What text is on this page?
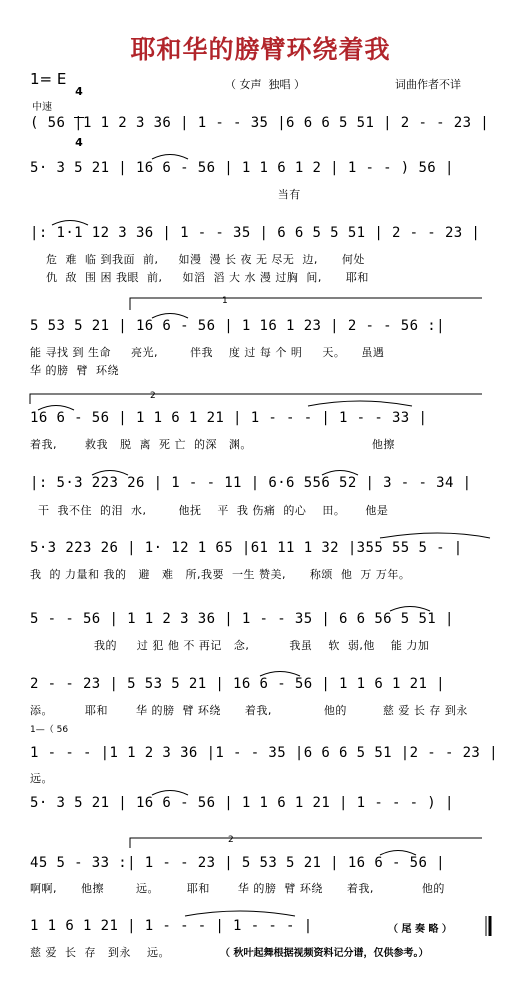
耶和华的膀臂环绕着我
1= E

4

4

（ 女声  独唱 ）	词曲作者不详
中速
( 56 |1 1 2 3 36 | 1 - - 35 |6 6 6 5 51 | 2 - - 23 |
5· 3 5 21 | 16 6 - 56 | 1 1 6 1 2 | 1 - - ) 56 |
当有
|: 1·1 12 3 36 | 1 - - 35 | 6 6 5 5 51 | 2 - - 23 |
危  难  临 到我面  前,     如漫  漫 长 夜 无 尽无  边,      何处
仇  敌  围 困 我眼  前,     如滔  滔 大 水 漫 过胸  间,      耶和
5 53 5 21 | 16 6 - 56 | 1 16 1 23 | 2 - - 56 :|
能 寻找 到 生命     亮光,        伴我    度 过 每 个 明     天。    虽遇
华 的膀  臂  环绕
16 6 - 56 | 1 1 6 1 21 | 1 - - - | 1 - - 33 |
着我,       救我   脱  离  死 亡  的深   渊。                              他擦
|: 5·3 223 26 | 1 - - 11 | 6·6 556 52 | 3 - - 34 |
干  我不住  的泪  水,        他抚    平  我 伤痛  的心    田。     他是
5·3 223 26 | 1· 12 1 65 |61 11 1 32 |355 55 5 - |
我  的 力量和 我的   避   难   所,我要  一生 赞美,      称颂  他  万 万年。
5 - - 56 | 1 1 2 3 36 | 1 - - 35 | 6 6 56 5 51 |
我的     过 犯 他 不 再记   念,          我虽    软  弱,他    能 力加
2 - - 23 | 5 53 5 21 | 16 6 - 56 | 1 1 6 1 21 |
添。        耶和       华 的膀  臂 环绕      着我,             他的         慈 爱 长 存 到永
1—（ 56
1 - - - |1 1 2 3 36 |1 - - 35 |6 6 6 5 51 |2 - - 23 |
远。
5· 3 5 21 | 16 6 - 56 | 1 1 6 1 21 | 1 - - - ) |
45 5 - 33 :| 1 - - 23 | 5 53 5 21 | 16 6 - 56 |
啊啊,      他擦        远。       耶和       华 的膀  臂 环绕      着我,            他的
1 1 6 1 21 | 1 - - - | 1 - - - |
慈 爱  长  存   到永    远。
（ 尾 奏 略 ）
（ 秋叶起舞根据视频资料记分谱，仅供参考。）
1
2
2
